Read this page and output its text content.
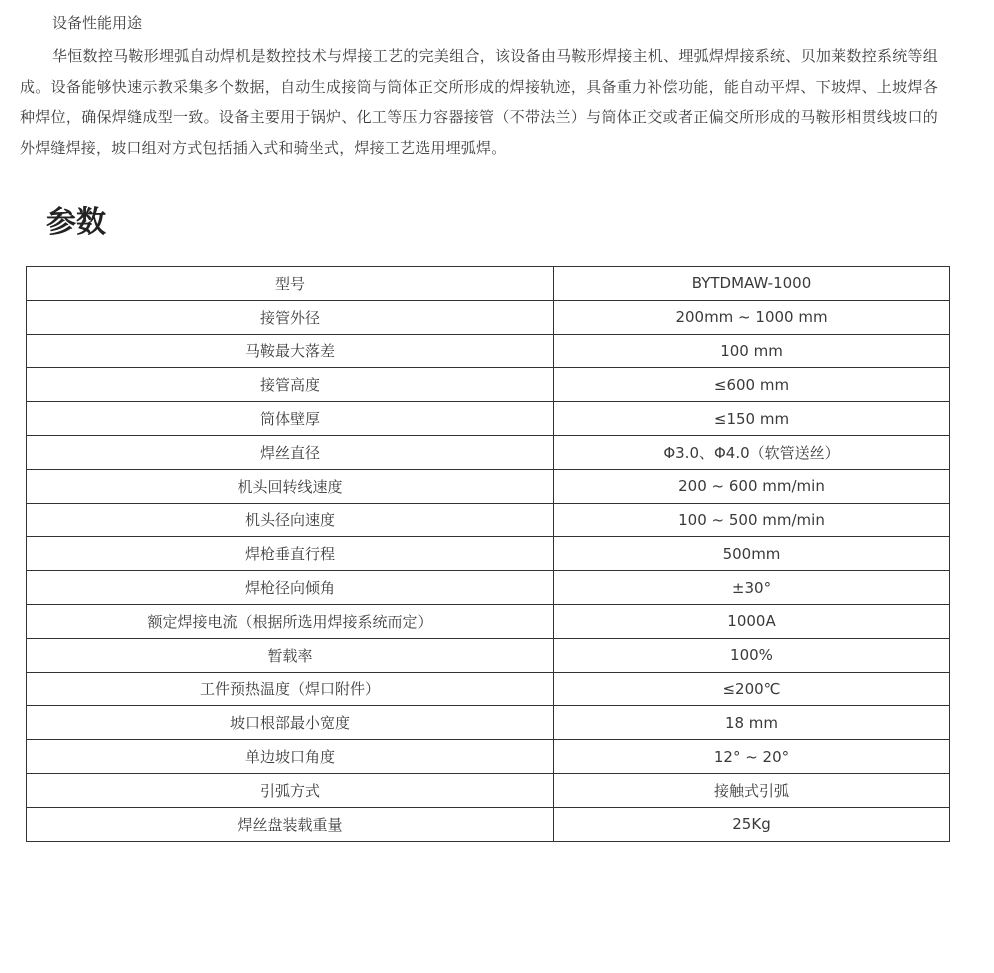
设备性能用途
华恒数控马鞍形埋弧自动焊机是数控技术与焊接工艺的完美组合，该设备由马鞍形焊接主机、埋弧焊焊接系统、贝加莱数控系统等组成。设备能够快速示教采集多个数据，自动生成接筒与筒体正交所形成的焊接轨迹，具备重力补偿功能，能自动平焊、下坡焊、上坡焊各种焊位，确保焊缝成型一致。设备主要用于锅炉、化工等压力容器接管（不带法兰）与筒体正交或者正偏交所形成的马鞍形相贯线坡口的外焊缝焊接，坡口组对方式包括插入式和骑坐式，焊接工艺选用埋弧焊。
参数
型号	BYTDMAW-1000
接管外径	200mm ~ 1000 mm
马鞍最大落差	100 mm
接管高度	≤600 mm
筒体壁厚	≤150 mm
焊丝直径	Φ3.0、Φ4.0（软管送丝）
机头回转线速度	200 ~ 600 mm/min
机头径向速度	100 ~ 500 mm/min
焊枪垂直行程	500mm
焊枪径向倾角	±30°
额定焊接电流（根据所选用焊接系统而定）	1000A
暂载率	100%
工件预热温度（焊口附件）	≤200℃
坡口根部最小宽度	18 mm
单边坡口角度	12° ~ 20°
引弧方式	接触式引弧
焊丝盘装载重量	25Kg
